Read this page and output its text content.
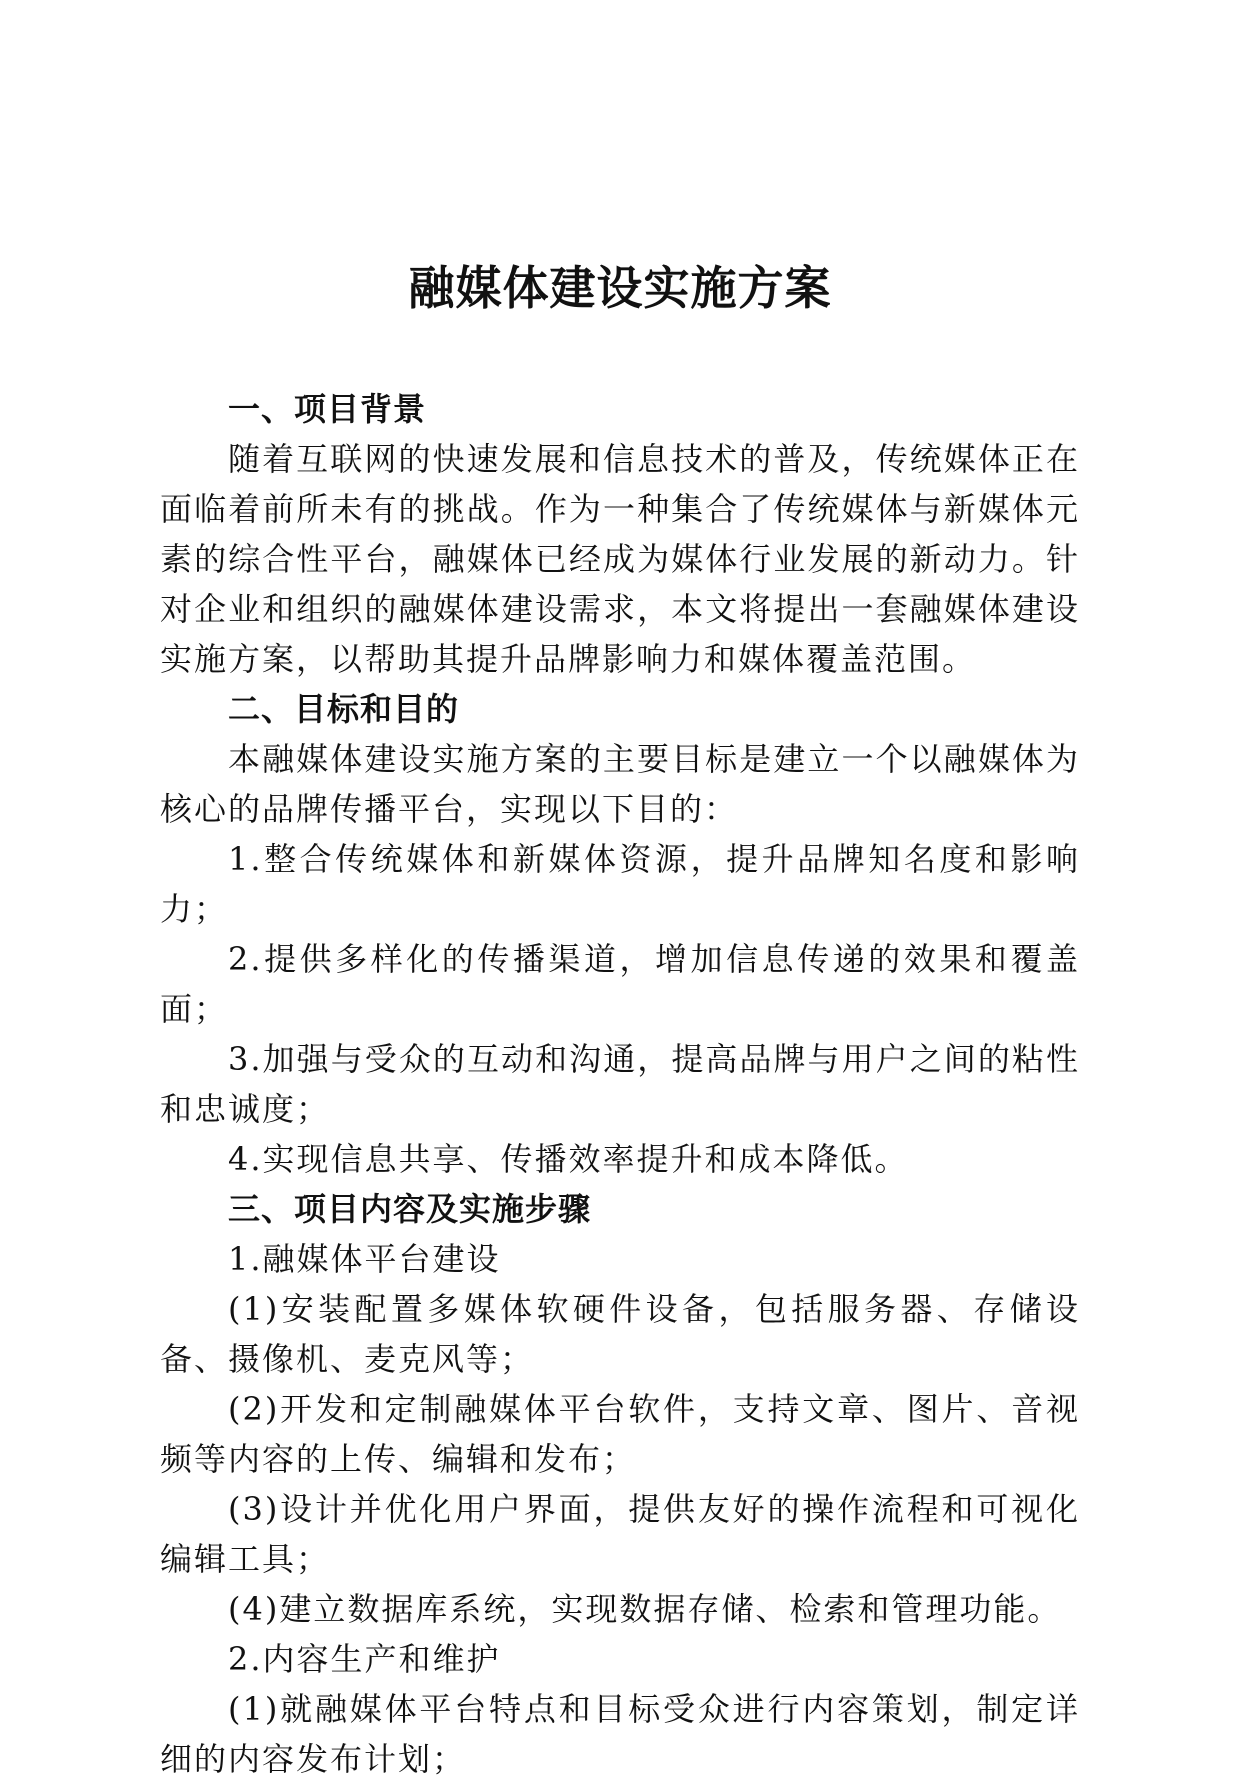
融媒体建设实施方案

一、项目背景

随着互联网的快速发展和信息技术的普及，传统媒体正在面临着前所未有的挑战。作为一种集合了传统媒体与新媒体元素的综合性平台，融媒体已经成为媒体行业发展的新动力。针对企业和组织的融媒体建设需求，本文将提出一套融媒体建设实施方案，以帮助其提升品牌影响力和媒体覆盖范围。

二、目标和目的

本融媒体建设实施方案的主要目标是建立一个以融媒体为核心的品牌传播平台，实现以下目的：

1.整合传统媒体和新媒体资源，提升品牌知名度和影响力；

2.提供多样化的传播渠道，增加信息传递的效果和覆盖面；

3.加强与受众的互动和沟通，提高品牌与用户之间的粘性和忠诚度；

4.实现信息共享、传播效率提升和成本降低。

三、项目内容及实施步骤

1.融媒体平台建设

(1)安装配置多媒体软硬件设备，包括服务器、存储设备、摄像机、麦克风等；

(2)开发和定制融媒体平台软件，支持文章、图片、音视频等内容的上传、编辑和发布；

(3)设计并优化用户界面，提供友好的操作流程和可视化编辑工具；

(4)建立数据库系统，实现数据存储、检索和管理功能。

2.内容生产和维护

(1)就融媒体平台特点和目标受众进行内容策划，制定详细的内容发布计划；
